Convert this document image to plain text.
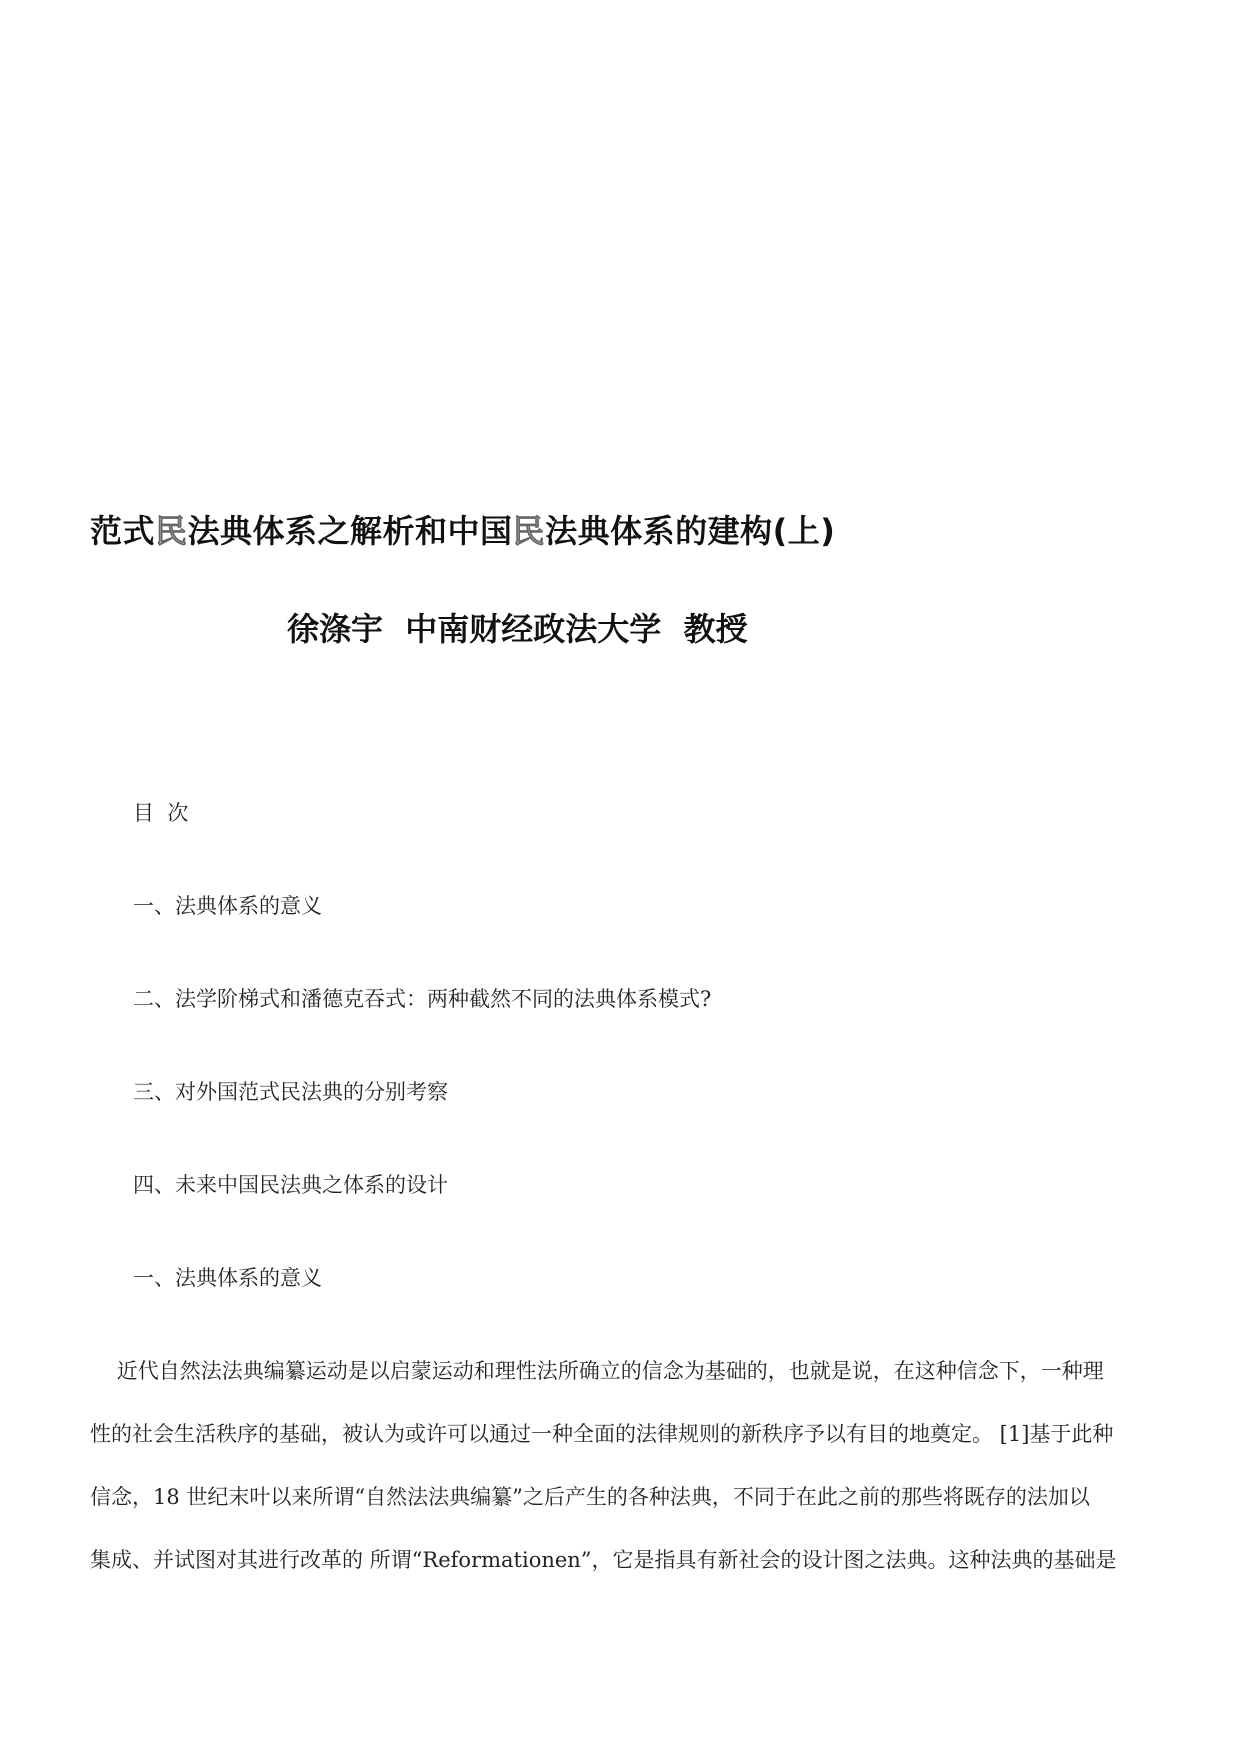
范式民法典体系之解析和中国民法典体系的建构(上)
徐涤宇  中南财经政法大学  教授
目  次
一、法典体系的意义
二、法学阶梯式和潘德克吞式：两种截然不同的法典体系模式?
三、对外国范式民法典的分别考察
四、未来中国民法典之体系的设计
一、法典体系的意义
近代自然法法典编纂运动是以启蒙运动和理性法所确立的信念为基础的，也就是说，在这种信念下，一种理
性的社会生活秩序的基础，被认为或许可以通过一种全面的法律规则的新秩序予以有目的地奠定。 [1]基于此种
信念，18 世纪末叶以来所谓“自然法法典编纂”之后产生的各种法典，不同于在此之前的那些将既存的法加以
集成、并试图对其进行改革的 所谓“Reformationen”，它是指具有新社会的设计图之法典。这种法典的基础是
